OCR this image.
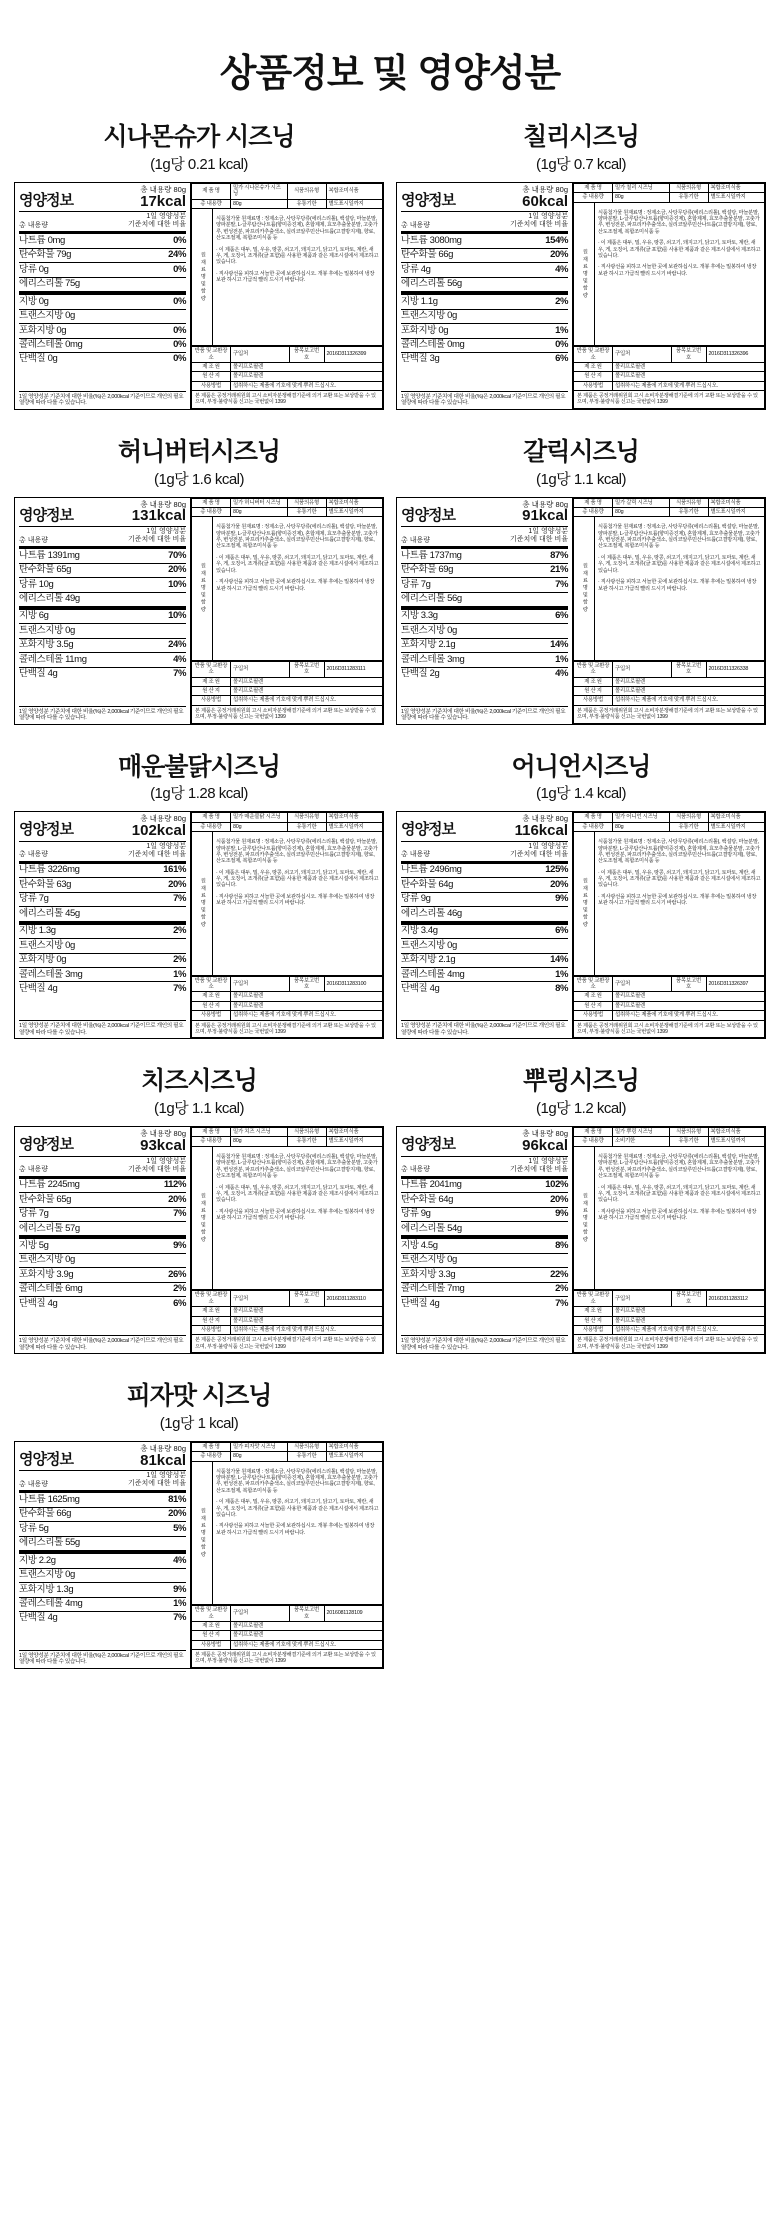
상품정보 및 영양성분
시나몬슈가 시즈닝
(1g당 0.21 kcal)
영양정보
총 내용량 80g
17kcal
총 내용량
1일 영양성분
기준치에 대한 비율
나트륨 0mg	0%
탄수화물 79g	24%
당류 0g	0%
에리스리톨 75g
지방 0g	0%
트랜스지방 0g
포화지방 0g	0%
콜레스테롤 0mg	0%
단백질 0g	0%
1일 영양성분 기준치에 대한 비율(%)은 2,000kcal 기준이므로 개인의 필요 열량에 따라 다를 수 있습니다.
제 품 명	밀가 시나몬슈가 시즈닝	식품의유형	복합조미식품
총 내용량	80g	유통기한	별도표시일까지
원재료명및함량

식품첨가물 원재료명 : 정제소금, 사탕무당류(에리스리톨), 백설탕, 마늘분말, 양파분말, L-글루탐산나트륨(향미증진제), 혼합제제, 효모추출물분말, 고춧가루, 변성전분, 파프리카추출색소, 실리코알루민산나트륨(고결방지제), 향료, 산도조절제, 복합조미식품 등

· 이 제품은 대두, 밀, 우유, 땅콩, 쇠고기, 돼지고기, 닭고기, 토마토, 계란, 새우, 게, 오징어, 조개류(굴 포함)를 사용한 제품과 같은 제조시설에서 제조하고 있습니다.

· 직사광선을 피하고 서늘한 곳에 보관하십시오. 개봉 후에는 밀봉하여 냉장보관 하시고 가급적 빨리 드시기 바랍니다.

반품 및 교환장소	구입처	품목보고번호	2016D311326399
제 조 원	폴리프로필렌		
원 산 지	폴리프로필렌		
사용방법	섭취하시는 제품에 기호에 맞게 뿌려 드십시오.		
본 제품은 공정거래위원회 고시 소비자분쟁해결기준에 의거 교환 또는 보상받을 수 있으며, 부정·불량식품 신고는 국번없이 1399
칠리시즈닝
(1g당 0.7 kcal)
영양정보
총 내용량 80g
60kcal
총 내용량
1일 영양성분
기준치에 대한 비율
나트륨 3080mg	154%
탄수화물 66g	20%
당류 4g	4%
에리스리톨 56g
지방 1.1g	2%
트랜스지방 0g
포화지방 0g	1%
콜레스테롤 0mg	0%
단백질 3g	6%
1일 영양성분 기준치에 대한 비율(%)은 2,000kcal 기준이므로 개인의 필요 열량에 따라 다를 수 있습니다.
제 품 명	밀가 칠리 시즈닝	식품의유형	복합조미식품
총 내용량	80g	유통기한	별도표시일까지
원재료명및함량

식품첨가물 원재료명 : 정제소금, 사탕무당류(에리스리톨), 백설탕, 마늘분말, 양파분말, L-글루탐산나트륨(향미증진제), 혼합제제, 효모추출물분말, 고춧가루, 변성전분, 파프리카추출색소, 실리코알루민산나트륨(고결방지제), 향료, 산도조절제, 복합조미식품 등

· 이 제품은 대두, 밀, 우유, 땅콩, 쇠고기, 돼지고기, 닭고기, 토마토, 계란, 새우, 게, 오징어, 조개류(굴 포함)를 사용한 제품과 같은 제조시설에서 제조하고 있습니다.

· 직사광선을 피하고 서늘한 곳에 보관하십시오. 개봉 후에는 밀봉하여 냉장보관 하시고 가급적 빨리 드시기 바랍니다.

반품 및 교환장소	구입처	품목보고번호	2016D311326396
제 조 원	폴리프로필렌		
원 산 지	폴리프로필렌		
사용방법	섭취하시는 제품에 기호에 맞게 뿌려 드십시오.		
본 제품은 공정거래위원회 고시 소비자분쟁해결기준에 의거 교환 또는 보상받을 수 있으며, 부정·불량식품 신고는 국번없이 1399
허니버터시즈닝
(1g당 1.6 kcal)
영양정보
총 내용량 80g
131kcal
총 내용량
1일 영양성분
기준치에 대한 비율
나트륨 1391mg	70%
탄수화물 65g	20%
당류 10g	10%
에리스리톨 49g
지방 6g	10%
트랜스지방 0g
포화지방 3.5g	24%
콜레스테롤 11mg	4%
단백질 4g	7%
1일 영양성분 기준치에 대한 비율(%)은 2,000kcal 기준이므로 개인의 필요 열량에 따라 다를 수 있습니다.
제 품 명	밀가 허니버터 시즈닝	식품의유형	복합조미식품
총 내용량	80g	유통기한	별도표시일까지
원재료명및함량

식품첨가물 원재료명 : 정제소금, 사탕무당류(에리스리톨), 백설탕, 마늘분말, 양파분말, L-글루탐산나트륨(향미증진제), 혼합제제, 효모추출물분말, 고춧가루, 변성전분, 파프리카추출색소, 실리코알루민산나트륨(고결방지제), 향료, 산도조절제, 복합조미식품 등

· 이 제품은 대두, 밀, 우유, 땅콩, 쇠고기, 돼지고기, 닭고기, 토마토, 계란, 새우, 게, 오징어, 조개류(굴 포함)를 사용한 제품과 같은 제조시설에서 제조하고 있습니다.

· 직사광선을 피하고 서늘한 곳에 보관하십시오. 개봉 후에는 밀봉하여 냉장보관 하시고 가급적 빨리 드시기 바랍니다.

반품 및 교환장소	구입처	품목보고번호	2016D311283111
제 조 원	폴리프로필렌		
원 산 지	폴리프로필렌		
사용방법	섭취하시는 제품에 기호에 맞게 뿌려 드십시오.		
본 제품은 공정거래위원회 고시 소비자분쟁해결기준에 의거 교환 또는 보상받을 수 있으며, 부정·불량식품 신고는 국번없이 1399
갈릭시즈닝
(1g당 1.1 kcal)
영양정보
총 내용량 80g
91kcal
총 내용량
1일 영양성분
기준치에 대한 비율
나트륨 1737mg	87%
탄수화물 69g	21%
당류 7g	7%
에리스리톨 56g
지방 3.3g	6%
트랜스지방 0g
포화지방 2.1g	14%
콜레스테롤 3mg	1%
단백질 2g	4%
1일 영양성분 기준치에 대한 비율(%)은 2,000kcal 기준이므로 개인의 필요 열량에 따라 다를 수 있습니다.
제 품 명	밀가 갈릭 시즈닝	식품의유형	복합조미식품
총 내용량	80g	유통기한	별도표시일까지
원재료명및함량

식품첨가물 원재료명 : 정제소금, 사탕무당류(에리스리톨), 백설탕, 마늘분말, 양파분말, L-글루탐산나트륨(향미증진제), 혼합제제, 효모추출물분말, 고춧가루, 변성전분, 파프리카추출색소, 실리코알루민산나트륨(고결방지제), 향료, 산도조절제, 복합조미식품 등

· 이 제품은 대두, 밀, 우유, 땅콩, 쇠고기, 돼지고기, 닭고기, 토마토, 계란, 새우, 게, 오징어, 조개류(굴 포함)를 사용한 제품과 같은 제조시설에서 제조하고 있습니다.

· 직사광선을 피하고 서늘한 곳에 보관하십시오. 개봉 후에는 밀봉하여 냉장보관 하시고 가급적 빨리 드시기 바랍니다.

반품 및 교환장소	구입처	품목보고번호	2016D311326338
제 조 원	폴리프로필렌		
원 산 지	폴리프로필렌		
사용방법	섭취하시는 제품에 기호에 맞게 뿌려 드십시오.		
본 제품은 공정거래위원회 고시 소비자분쟁해결기준에 의거 교환 또는 보상받을 수 있으며, 부정·불량식품 신고는 국번없이 1399
매운불닭시즈닝
(1g당 1.28 kcal)
영양정보
총 내용량 80g
102kcal
총 내용량
1일 영양성분
기준치에 대한 비율
나트륨 3226mg	161%
탄수화물 63g	20%
당류 7g	7%
에리스리톨 45g
지방 1.3g	2%
트랜스지방 0g
포화지방 0g	2%
콜레스테롤 3mg	1%
단백질 4g	7%
1일 영양성분 기준치에 대한 비율(%)은 2,000kcal 기준이므로 개인의 필요 열량에 따라 다를 수 있습니다.
제 품 명	밀가 매운불닭 시즈닝	식품의유형	복합조미식품
총 내용량	80g	유통기한	별도표시일까지
원재료명및함량

식품첨가물 원재료명 : 정제소금, 사탕무당류(에리스리톨), 백설탕, 마늘분말, 양파분말, L-글루탐산나트륨(향미증진제), 혼합제제, 효모추출물분말, 고춧가루, 변성전분, 파프리카추출색소, 실리코알루민산나트륨(고결방지제), 향료, 산도조절제, 복합조미식품 등

· 이 제품은 대두, 밀, 우유, 땅콩, 쇠고기, 돼지고기, 닭고기, 토마토, 계란, 새우, 게, 오징어, 조개류(굴 포함)를 사용한 제품과 같은 제조시설에서 제조하고 있습니다.

· 직사광선을 피하고 서늘한 곳에 보관하십시오. 개봉 후에는 밀봉하여 냉장보관 하시고 가급적 빨리 드시기 바랍니다.

반품 및 교환장소	구입처	품목보고번호	2016D311283100
제 조 원	폴리프로필렌		
원 산 지	폴리프로필렌		
사용방법	섭취하시는 제품에 기호에 맞게 뿌려 드십시오.		
본 제품은 공정거래위원회 고시 소비자분쟁해결기준에 의거 교환 또는 보상받을 수 있으며, 부정·불량식품 신고는 국번없이 1399
어니언시즈닝
(1g당 1.4 kcal)
영양정보
총 내용량 80g
116kcal
총 내용량
1일 영양성분
기준치에 대한 비율
나트륨 2496mg	125%
탄수화물 64g	20%
당류 9g	9%
에리스리톨 46g
지방 3.4g	6%
트랜스지방 0g
포화지방 2.1g	14%
콜레스테롤 4mg	1%
단백질 4g	8%
1일 영양성분 기준치에 대한 비율(%)은 2,000kcal 기준이므로 개인의 필요 열량에 따라 다를 수 있습니다.
제 품 명	밀가 어니언 시즈닝	식품의유형	복합조미식품
총 내용량	80g	유통기한	별도표시일까지
원재료명및함량

식품첨가물 원재료명 : 정제소금, 사탕무당류(에리스리톨), 백설탕, 마늘분말, 양파분말, L-글루탐산나트륨(향미증진제), 혼합제제, 효모추출물분말, 고춧가루, 변성전분, 파프리카추출색소, 실리코알루민산나트륨(고결방지제), 향료, 산도조절제, 복합조미식품 등

· 이 제품은 대두, 밀, 우유, 땅콩, 쇠고기, 돼지고기, 닭고기, 토마토, 계란, 새우, 게, 오징어, 조개류(굴 포함)를 사용한 제품과 같은 제조시설에서 제조하고 있습니다.

· 직사광선을 피하고 서늘한 곳에 보관하십시오. 개봉 후에는 밀봉하여 냉장보관 하시고 가급적 빨리 드시기 바랍니다.

반품 및 교환장소	구입처	품목보고번호	2016D311326397
제 조 원	폴리프로필렌		
원 산 지	폴리프로필렌		
사용방법	섭취하시는 제품에 기호에 맞게 뿌려 드십시오.		
본 제품은 공정거래위원회 고시 소비자분쟁해결기준에 의거 교환 또는 보상받을 수 있으며, 부정·불량식품 신고는 국번없이 1399
치즈시즈닝
(1g당 1.1 kcal)
영양정보
총 내용량 80g
93kcal
총 내용량
1일 영양성분
기준치에 대한 비율
나트륨 2245mg	112%
탄수화물 65g	20%
당류 7g	7%
에리스리톨 57g
지방 5g	9%
트랜스지방 0g
포화지방 3.9g	26%
콜레스테롤 6mg	2%
단백질 4g	6%
1일 영양성분 기준치에 대한 비율(%)은 2,000kcal 기준이므로 개인의 필요 열량에 따라 다를 수 있습니다.
제 품 명	밀가 치즈 시즈닝	식품의유형	복합조미식품
총 내용량	80g	유통기한	별도표시일까지
원재료명및함량

식품첨가물 원재료명 : 정제소금, 사탕무당류(에리스리톨), 백설탕, 마늘분말, 양파분말, L-글루탐산나트륨(향미증진제), 혼합제제, 효모추출물분말, 고춧가루, 변성전분, 파프리카추출색소, 실리코알루민산나트륨(고결방지제), 향료, 산도조절제, 복합조미식품 등

· 이 제품은 대두, 밀, 우유, 땅콩, 쇠고기, 돼지고기, 닭고기, 토마토, 계란, 새우, 게, 오징어, 조개류(굴 포함)를 사용한 제품과 같은 제조시설에서 제조하고 있습니다.

· 직사광선을 피하고 서늘한 곳에 보관하십시오. 개봉 후에는 밀봉하여 냉장보관 하시고 가급적 빨리 드시기 바랍니다.

반품 및 교환장소	구입처	품목보고번호	2016D311283110
제 조 원	폴리프로필렌		
원 산 지	폴리프로필렌		
사용방법	섭취하시는 제품에 기호에 맞게 뿌려 드십시오.		
본 제품은 공정거래위원회 고시 소비자분쟁해결기준에 의거 교환 또는 보상받을 수 있으며, 부정·불량식품 신고는 국번없이 1399
뿌링시즈닝
(1g당 1.2 kcal)
영양정보
총 내용량 80g
96kcal
총 내용량
1일 영양성분
기준치에 대한 비율
나트륨 2041mg	102%
탄수화물 64g	20%
당류 9g	9%
에리스리톨 54g
지방 4.5g	8%
트랜스지방 0g
포화지방 3.3g	22%
콜레스테롤 7mg	2%
단백질 4g	7%
1일 영양성분 기준치에 대한 비율(%)은 2,000kcal 기준이므로 개인의 필요 열량에 따라 다를 수 있습니다.
제 품 명	밀가 뿌링 시즈닝	식품의유형	복합조미식품
총 내용량	소비기한	유통기한	별도표시일까지
원재료명및함량

식품첨가물 원재료명 : 정제소금, 사탕무당류(에리스리톨), 백설탕, 마늘분말, 양파분말, L-글루탐산나트륨(향미증진제), 혼합제제, 효모추출물분말, 고춧가루, 변성전분, 파프리카추출색소, 실리코알루민산나트륨(고결방지제), 향료, 산도조절제, 복합조미식품 등

· 이 제품은 대두, 밀, 우유, 땅콩, 쇠고기, 돼지고기, 닭고기, 토마토, 계란, 새우, 게, 오징어, 조개류(굴 포함)를 사용한 제품과 같은 제조시설에서 제조하고 있습니다.

· 직사광선을 피하고 서늘한 곳에 보관하십시오. 개봉 후에는 밀봉하여 냉장보관 하시고 가급적 빨리 드시기 바랍니다.

반품 및 교환장소	구입처	품목보고번호	2016D311283112
제 조 원	폴리프로필렌		
원 산 지	폴리프로필렌		
사용방법	섭취하시는 제품에 기호에 맞게 뿌려 드십시오.		
본 제품은 공정거래위원회 고시 소비자분쟁해결기준에 의거 교환 또는 보상받을 수 있으며, 부정·불량식품 신고는 국번없이 1399
피자맛 시즈닝
(1g당 1 kcal)
영양정보
총 내용량 80g
81kcal
총 내용량
1일 영양성분
기준치에 대한 비율
나트륨 1625mg	81%
탄수화물 66g	20%
당류 5g	5%
에리스리톨 55g
지방 2.2g	4%
트랜스지방 0g
포화지방 1.3g	9%
콜레스테롤 4mg	1%
단백질 4g	7%
1일 영양성분 기준치에 대한 비율(%)은 2,000kcal 기준이므로 개인의 필요 열량에 따라 다를 수 있습니다.
제 품 명	밀가 피자맛 시즈닝	식품의유형	복합조미식품
총 내용량	80g	유통기한	별도표시일까지
원재료명및함량

식품첨가물 원재료명 : 정제소금, 사탕무당류(에리스리톨), 백설탕, 마늘분말, 양파분말, L-글루탐산나트륨(향미증진제), 혼합제제, 효모추출물분말, 고춧가루, 변성전분, 파프리카추출색소, 실리코알루민산나트륨(고결방지제), 향료, 산도조절제, 복합조미식품 등

· 이 제품은 대두, 밀, 우유, 땅콩, 쇠고기, 돼지고기, 닭고기, 토마토, 계란, 새우, 게, 오징어, 조개류(굴 포함)를 사용한 제품과 같은 제조시설에서 제조하고 있습니다.

· 직사광선을 피하고 서늘한 곳에 보관하십시오. 개봉 후에는 밀봉하여 냉장보관 하시고 가급적 빨리 드시기 바랍니다.

반품 및 교환장소	구입처	품목보고번호	2016081128109
제 조 원	폴리프로필렌		
원 산 지	폴리프로필렌		
사용방법	섭취하시는 제품에 기호에 맞게 뿌려 드십시오.		
본 제품은 공정거래위원회 고시 소비자분쟁해결기준에 의거 교환 또는 보상받을 수 있으며, 부정·불량식품 신고는 국번없이 1399
